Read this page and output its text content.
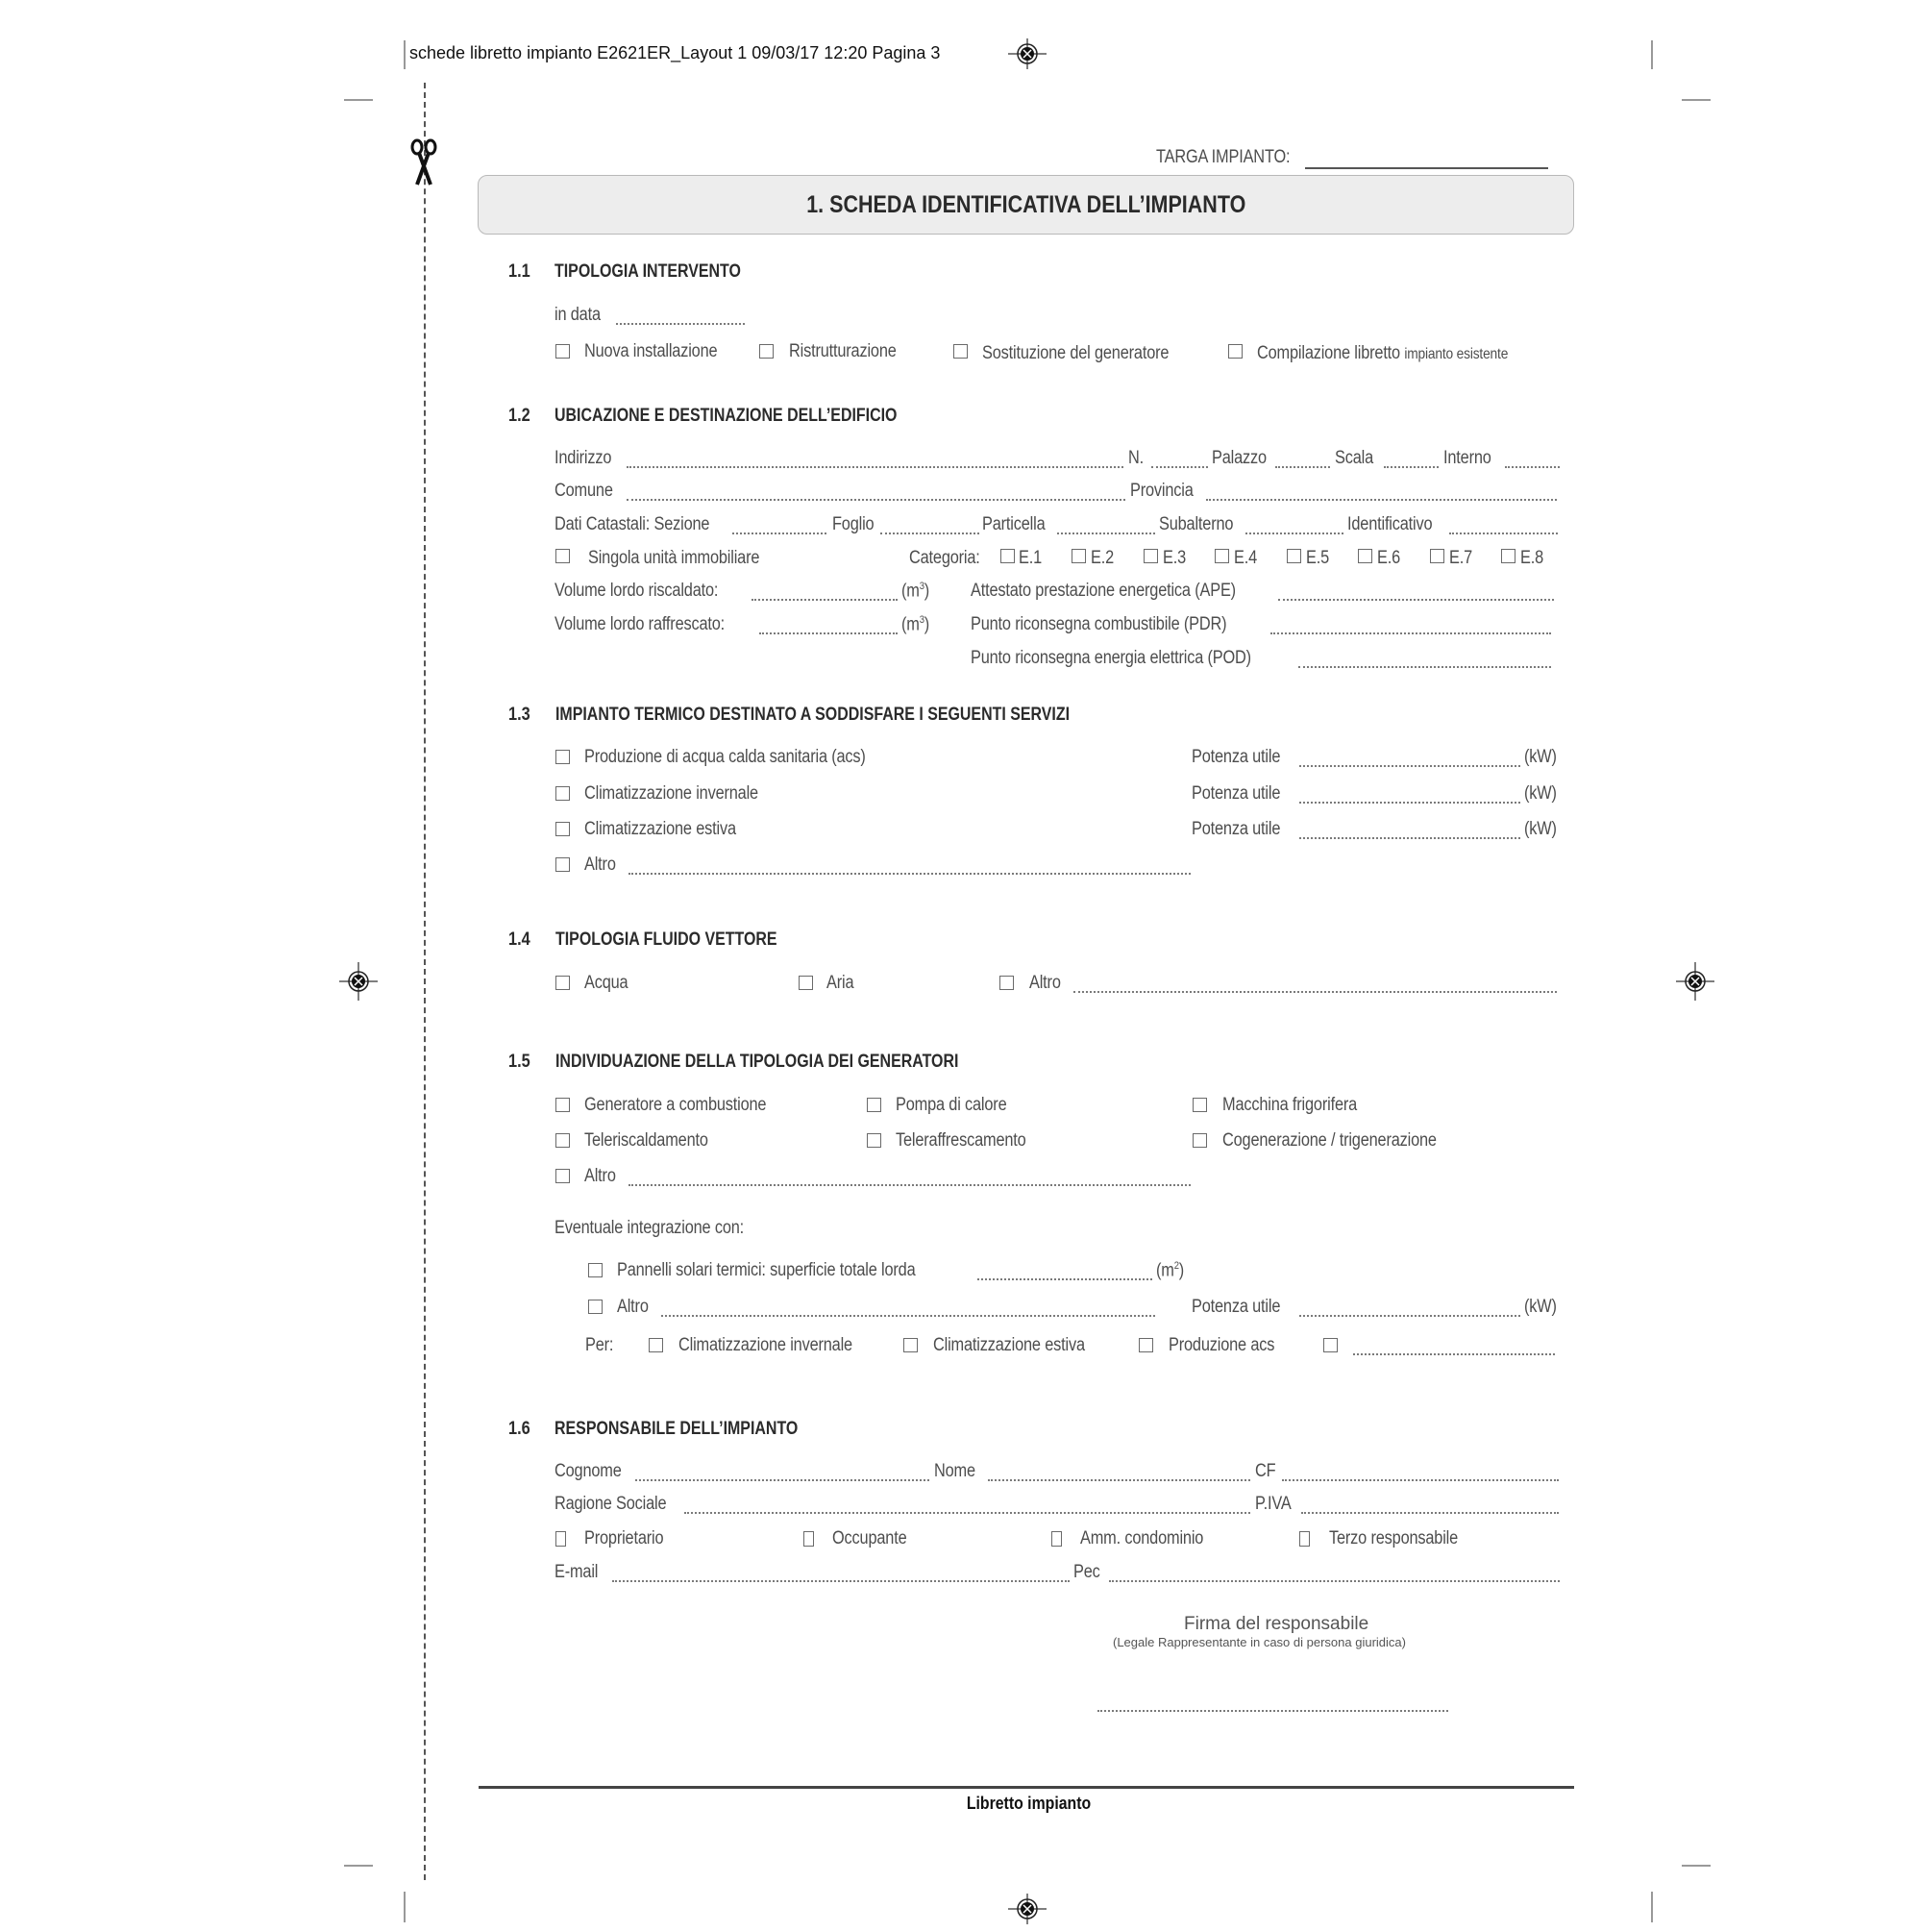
schede libretto impianto E2621ER_Layout 1 09/03/17 12:20 Pagina 3
TARGA IMPIANTO:
1. SCHEDA IDENTIFICATIVA DELL’IMPIANTO
1.1 TIPOLOGIA INTERVENTO
in data
Nuova installazione	Ristrutturazione	Sostituzione del generatore	Compilazione libretto impianto esistente
1.2 UBICAZIONE E DESTINAZIONE DELL’EDIFICIO
Indirizzo	N.	Palazzo	Scala	Interno
Comune	Provincia
Dati Catastali: Sezione	Foglio	Particella	Subalterno	Identificativo
Singola unità immobiliare	Categoria: E.1	E.2	E.3	E.4	E.5	E.6	E.7	E.8
Volume lordo riscaldato:	$(m^3)$ Attestato prestazione energetica (APE)
Volume lordo raffrescato:	$(m^3)$ Punto riconsegna combustibile (PDR)
Punto riconsegna energia elettrica (POD)
1.3 IMPIANTO TERMICO DESTINATO A SODDISFARE I SEGUENTI SERVIZI
Produzione di acqua calda sanitaria (acs)	Potenza utile	(kW)
Climatizzazione invernale	Potenza utile	(kW)
Climatizzazione estiva	Potenza utile	(kW)
Altro
1.4 TIPOLOGIA FLUIDO VETTORE
Acqua	Aria	Altro
1.5 INDIVIDUAZIONE DELLA TIPOLOGIA DEI GENERATORI
Generatore a combustione	Pompa di calore	Macchina frigorifera
Teleriscaldamento	Teleraffrescamento	Cogenerazione / trigenerazione
Altro
Eventuale integrazione con:
Pannelli solari termici: superficie totale lorda	$(m^2)$
Altro	Potenza utile	(kW)
Per:	Climatizzazione invernale	Climatizzazione estiva	Produzione acs
1.6 RESPONSABILE DELL’IMPIANTO
Cognome	Nome	CF
Ragione Sociale	P.IVA
Proprietario	Occupante	Amm. condominio	Terzo responsabile
E-mail	Pec
Firma del responsabile
(Legale Rappresentante in caso di persona giuridica)
Libretto impianto
